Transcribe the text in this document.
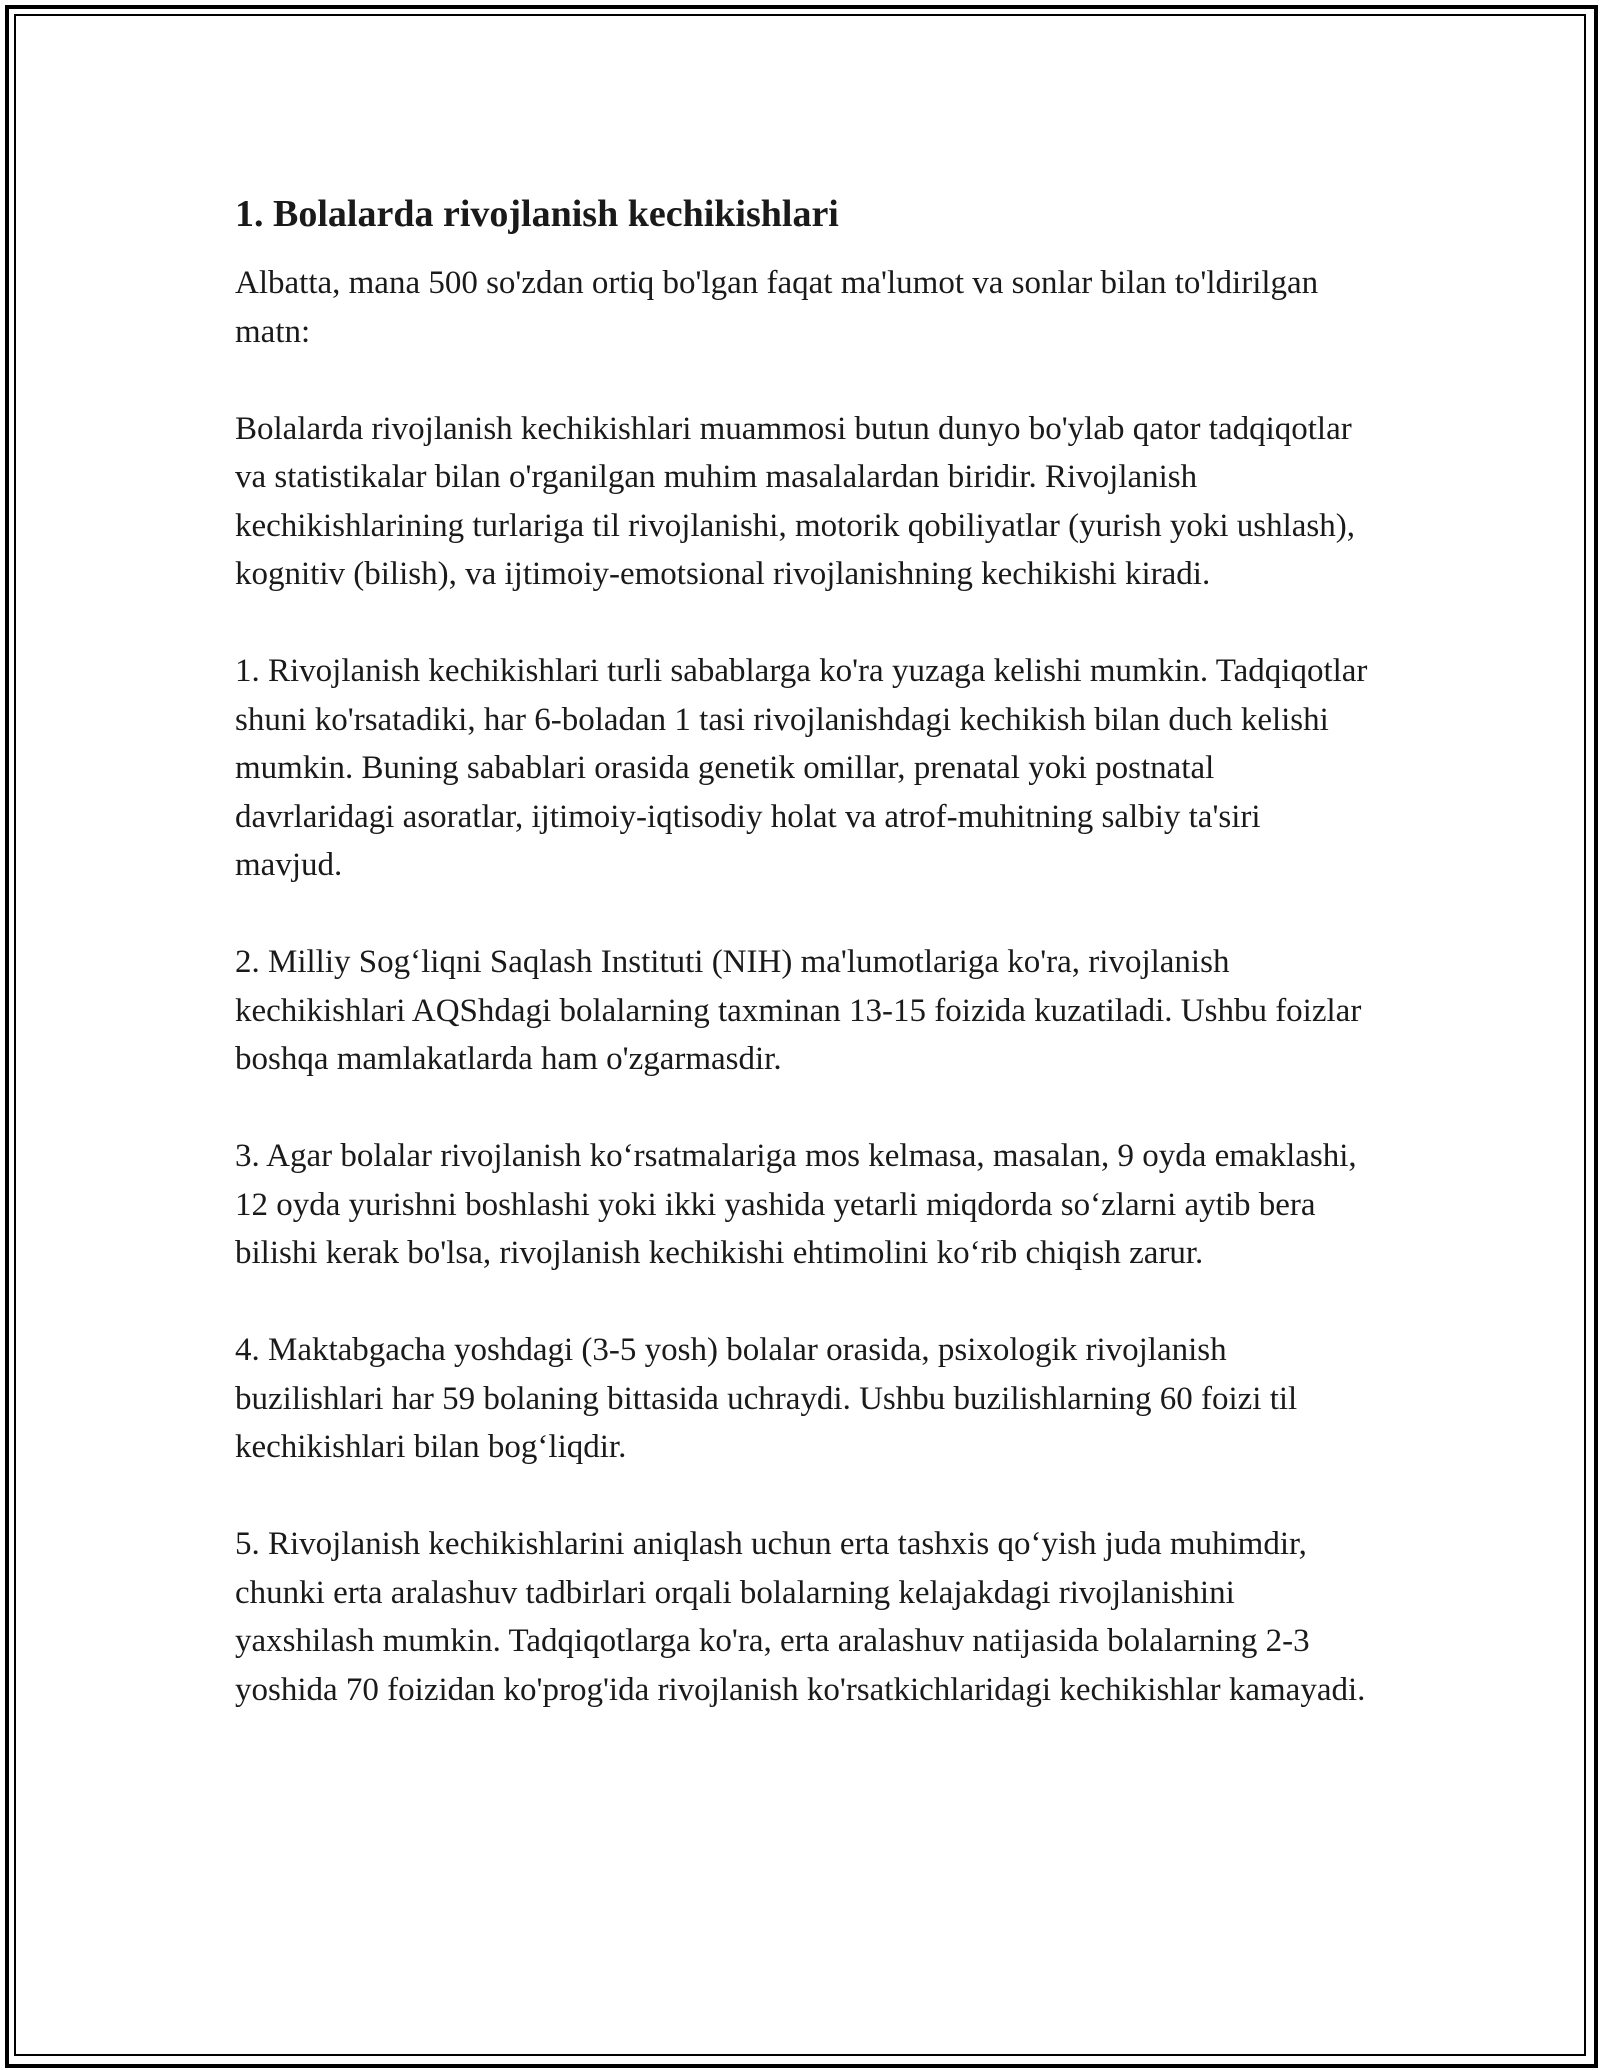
1. Bolalarda rivojlanish kechikishlari

Albatta, mana 500 so'zdan ortiq bo'lgan faqat ma'lumot va sonlar bilan to'ldirilgan matn:

Bolalarda rivojlanish kechikishlari muammosi butun dunyo bo'ylab qator tadqiqotlar va statistikalar bilan o'rganilgan muhim masalalardan biridir. Rivojlanish kechikishlarining turlariga til rivojlanishi, motorik qobiliyatlar (yurish yoki ushlash), kognitiv (bilish), va ijtimoiy-emotsional rivojlanishning kechikishi kiradi.

1. Rivojlanish kechikishlari turli sabablarga ko'ra yuzaga kelishi mumkin. Tadqiqotlar shuni ko'rsatadiki, har 6-boladan 1 tasi rivojlanishdagi kechikish bilan duch kelishi mumkin. Buning sabablari orasida genetik omillar, prenatal yoki postnatal davrlaridagi asoratlar, ijtimoiy-iqtisodiy holat va atrof-muhitning salbiy ta'siri mavjud.

2. Milliy Sog‘liqni Saqlash Instituti (NIH) ma'lumotlariga ko'ra, rivojlanish kechikishlari AQShdagi bolalarning taxminan 13-15 foizida kuzatiladi. Ushbu foizlar boshqa mamlakatlarda ham o'zgarmasdir.

3. Agar bolalar rivojlanish ko‘rsatmalariga mos kelmasa, masalan, 9 oyda emaklashi, 12 oyda yurishni boshlashi yoki ikki yashida yetarli miqdorda so‘zlarni aytib bera bilishi kerak bo'lsa, rivojlanish kechikishi ehtimolini ko‘rib chiqish zarur.

4. Maktabgacha yoshdagi (3-5 yosh) bolalar orasida, psixologik rivojlanish buzilishlari har 59 bolaning bittasida uchraydi. Ushbu buzilishlarning 60 foizi til kechikishlari bilan bog‘liqdir.

5. Rivojlanish kechikishlarini aniqlash uchun erta tashxis qo‘yish juda muhimdir, chunki erta aralashuv tadbirlari orqali bolalarning kelajakdagi rivojlanishini yaxshilash mumkin. Tadqiqotlarga ko'ra, erta aralashuv natijasida bolalarning 2-3 yoshida 70 foizidan ko'prog'ida rivojlanish ko'rsatkichlaridagi kechikishlar kamayadi.
